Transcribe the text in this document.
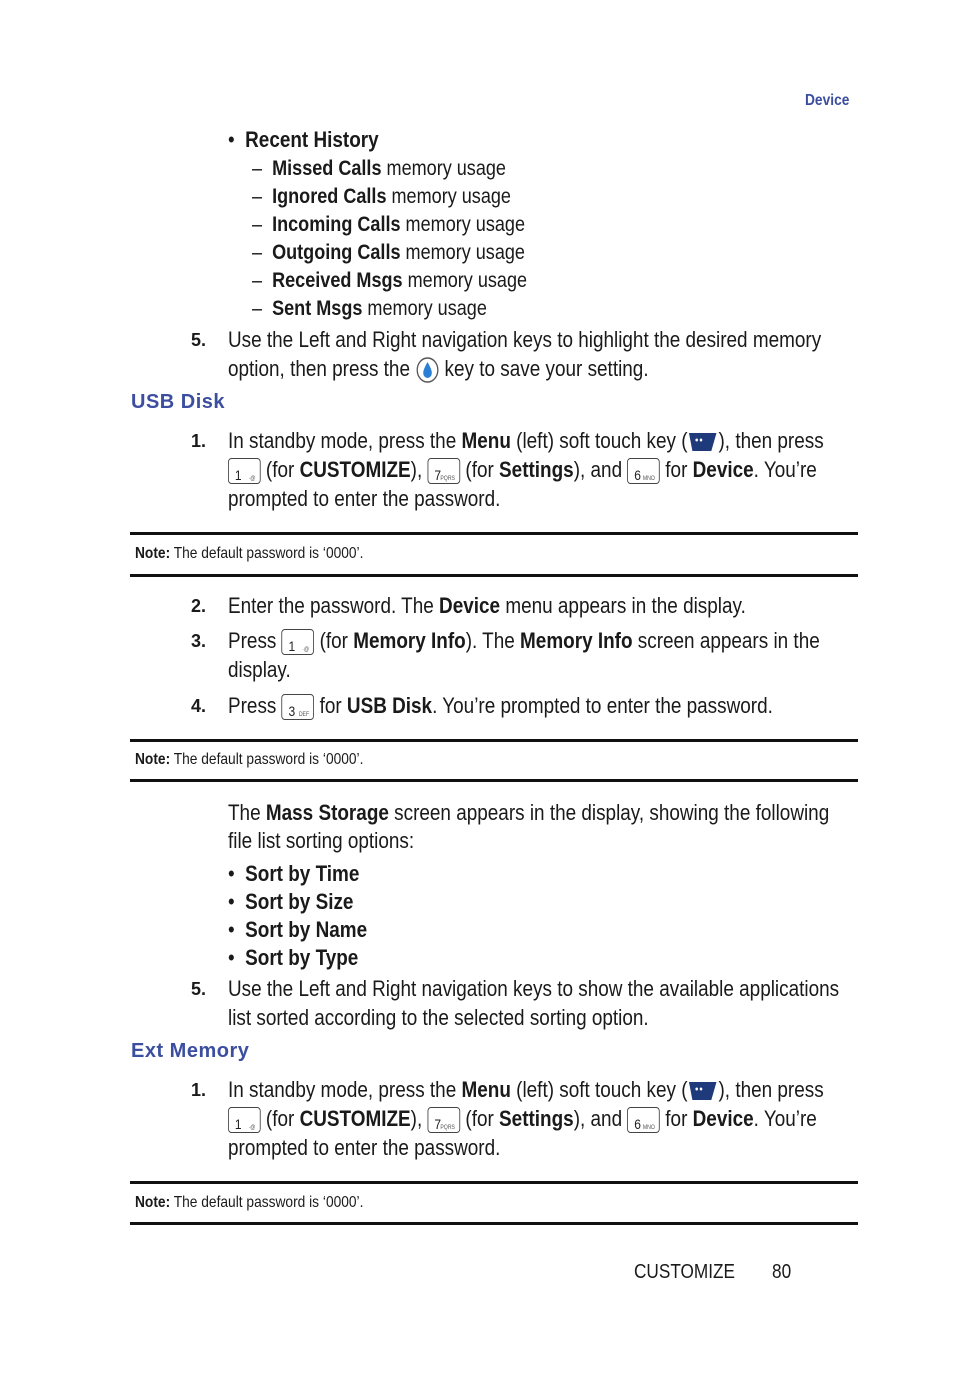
Device
• Recent History
– Missed Calls memory usage
– Ignored Calls memory usage
– Incoming Calls memory usage
– Outgoing Calls memory usage
– Received Msgs memory usage
– Sent Msgs memory usage
5. Use the Left and Right navigation keys to highlight the desired memory
option, then press the  key to save your setting.
USB Disk
1. In standby mode, press the Menu (left) soft touch key ( ), then press
1 ·@ (for CUSTOMIZE), 7 PQRS (for Settings), and 6 MNO for Device. You’re
prompted to enter the password.
Note: The default password is ‘0000’.
2. Enter the password. The Device menu appears in the display.
3. Press 1 ·@ (for Memory Info). The Memory Info screen appears in the
display.
4. Press 3 DEF for USB Disk. You’re prompted to enter the password.
Note: The default password is ‘0000’.
The Mass Storage screen appears in the display, showing the following
file list sorting options:
•  Sort by Time
•  Sort by Size
•  Sort by Name
•  Sort by Type
5. Use the Left and Right navigation keys to show the available applications
list sorted according to the selected sorting option.
Ext Memory
1. In standby mode, press the Menu (left) soft touch key ( ), then press
1 ·@ (for CUSTOMIZE), 7 PQRS (for Settings), and 6 MNO for Device. You’re
prompted to enter the password.
Note: The default password is ‘0000’.
CUSTOMIZE	80
